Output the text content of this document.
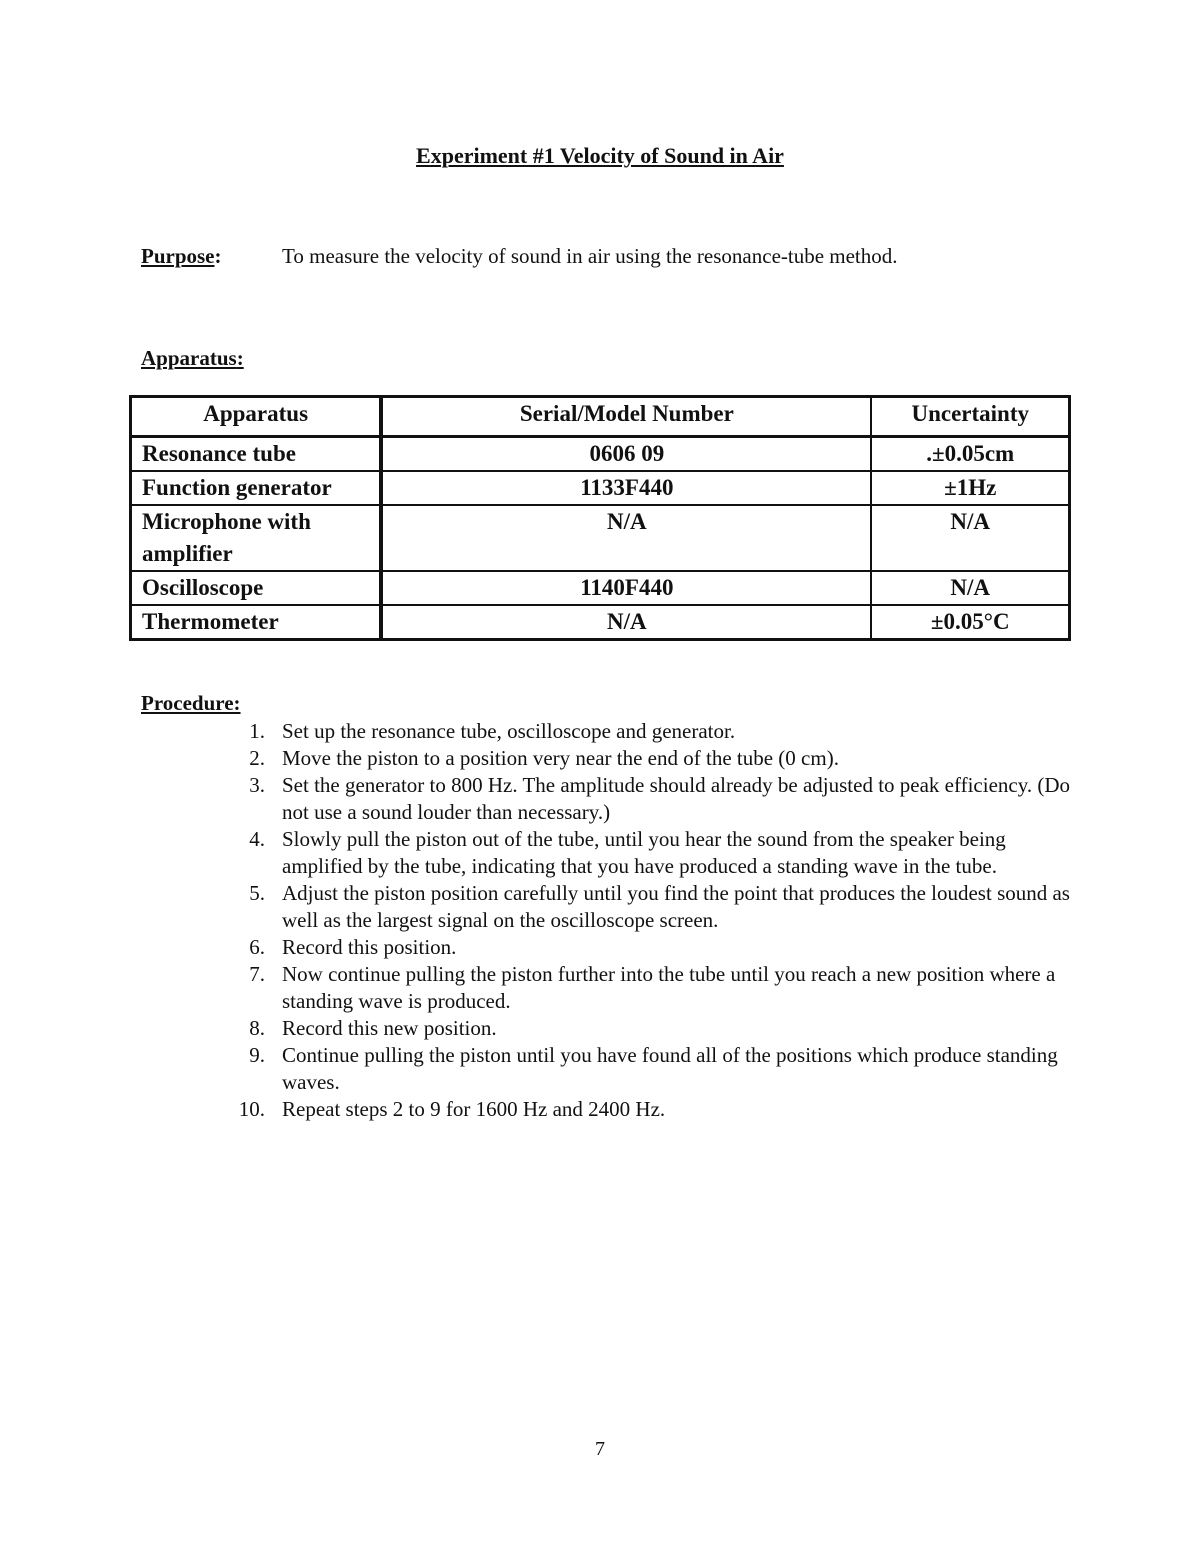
Experiment #1 Velocity of Sound in Air
Purpose:	To measure the velocity of sound in air using the resonance-tube method.
Apparatus:
Apparatus	Serial/Model Number	Uncertainty
Resonance tube	0606 09	.±0.05cm
Function generator	1133F440	±1Hz
Microphone with amplifier	N/A	N/A
Oscilloscope	1140F440	N/A
Thermometer	N/A	±0.05°C
Procedure:
1. Set up the resonance tube, oscilloscope and generator.
2. Move the piston to a position very near the end of the tube (0 cm).
3. Set the generator to 800 Hz. The amplitude should already be adjusted to peak efficiency. (Do not use a sound louder than necessary.)
4. Slowly pull the piston out of the tube, until you hear the sound from the speaker being amplified by the tube, indicating that you have produced a standing wave in the tube.
5. Adjust the piston position carefully until you find the point that produces the loudest sound as well as the largest signal on the oscilloscope screen.
6. Record this position.
7. Now continue pulling the piston further into the tube until you reach a new position where a standing wave is produced.
8. Record this new position.
9. Continue pulling the piston until you have found all of the positions which produce standing waves.
10. Repeat steps 2 to 9 for 1600 Hz and 2400 Hz.
7
